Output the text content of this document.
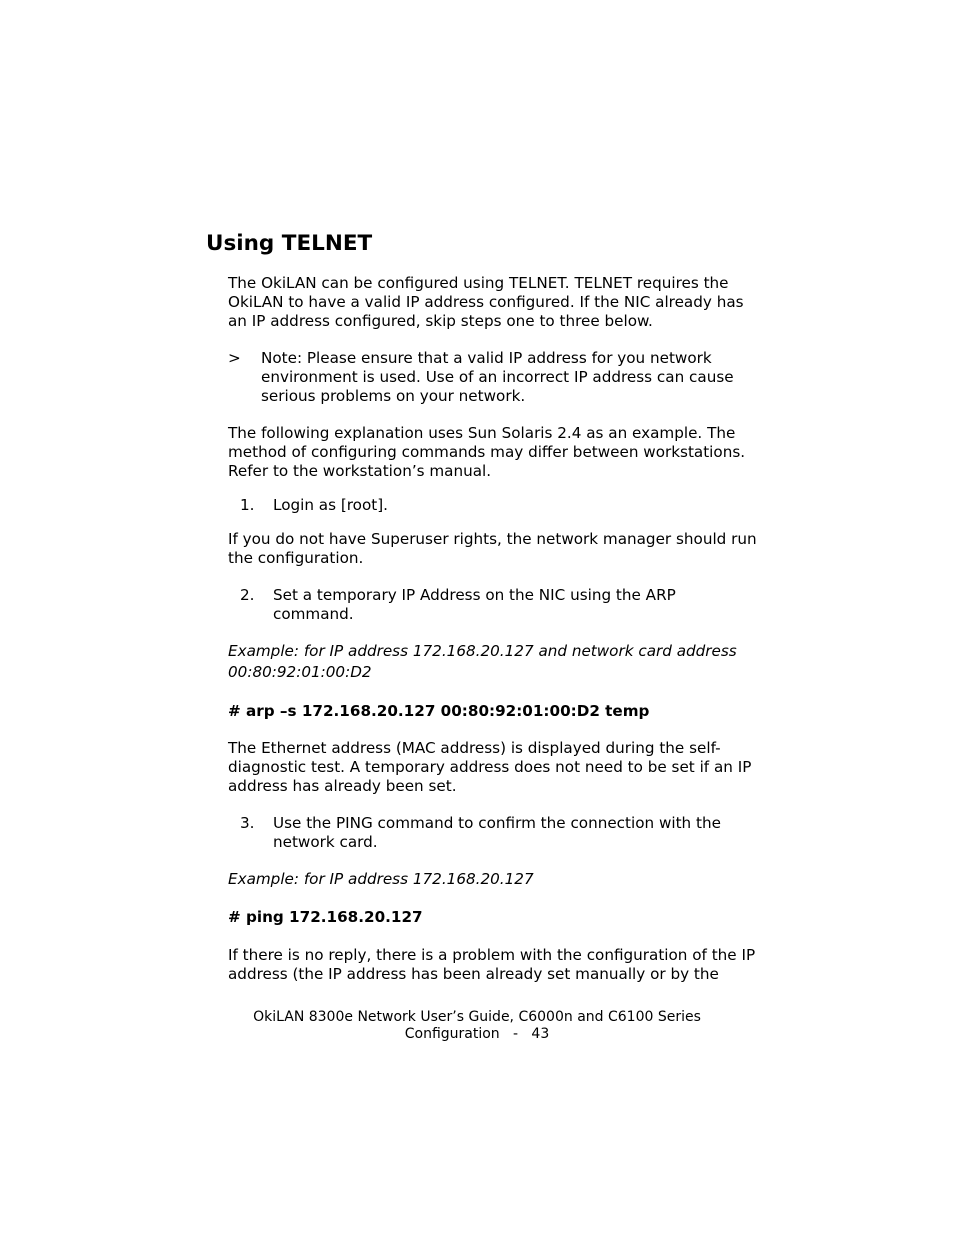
Using TELNET

The OkiLAN can be configured using TELNET. TELNET requires the OkiLAN to have a valid IP address configured. If the NIC already has an IP address configured, skip steps one to three below.

> Note: Please ensure that a valid IP address for you network environment is used. Use of an incorrect IP address can cause serious problems on your network.

The following explanation uses Sun Solaris 2.4 as an example. The method of configuring commands may differ between workstations. Refer to the workstation’s manual.

1. Login as [root].

If you do not have Superuser rights, the network manager should run the configuration.

2. Set a temporary IP Address on the NIC using the ARP command.

Example: for IP address 172.168.20.127 and network card address 00:80:92:01:00:D2

# arp –s 172.168.20.127 00:80:92:01:00:D2 temp

The Ethernet address (MAC address) is displayed during the self-diagnostic test. A temporary address does not need to be set if an IP address has already been set.

3. Use the PING command to confirm the connection with the network card.

Example: for IP address 172.168.20.127

# ping 172.168.20.127

If there is no reply, there is a problem with the configuration of the IP address (the IP address has been already set manually or by the

OkiLAN 8300e Network User’s Guide, C6000n and C6100 Series
Configuration   -   43
